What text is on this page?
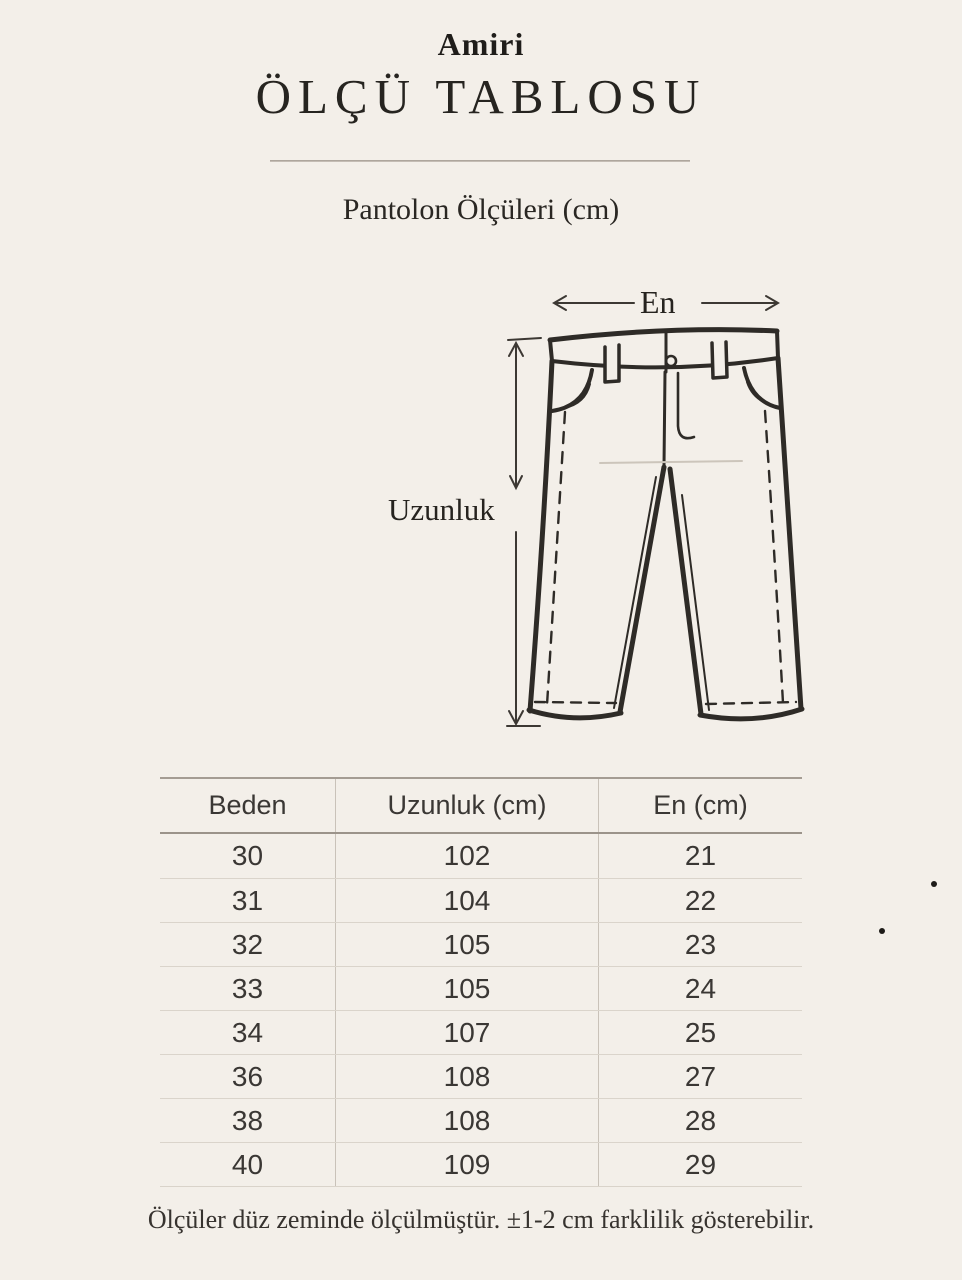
Amiri
ÖLÇÜ TABLOSU
Pantolon Ölçüleri (cm)
En
Uzunluk
Beden	Uzunluk (cm)	En (cm)
30	102	21
31	104	22
32	105	23
33	105	24
34	107	25
36	108	27
38	108	28
40	109	29
Ölçüler düz zeminde ölçülmüştür. ±1-2 cm farklilik gösterebilir.
